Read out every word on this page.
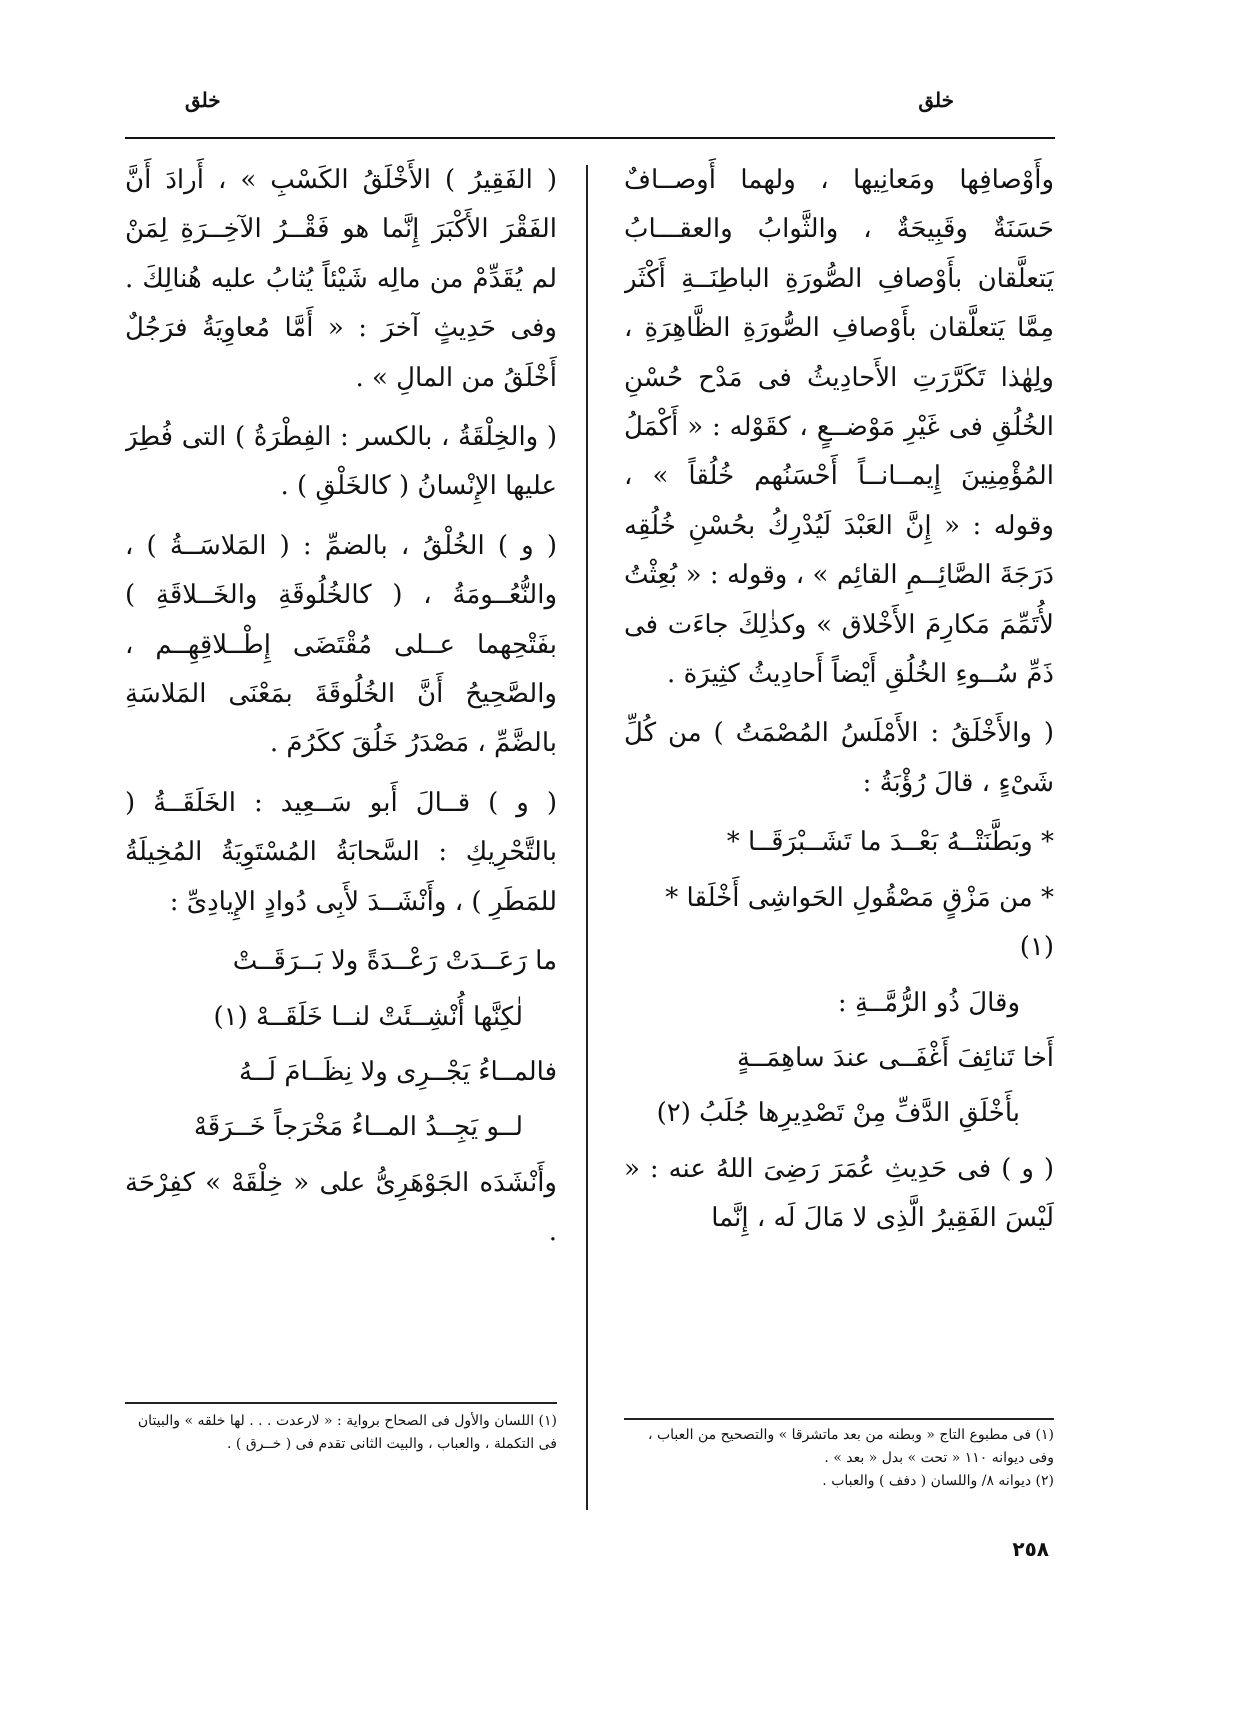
خلق
خلق

وأَوْصافِها ومَعانِيها ، ولهما أَوصــافٌ حَسَنَةٌ وقَبِيحَةٌ ، والثَّوابُ والعقـــابُ يَتعلَّقان بأَوْصافِ الصُّورَةِ الباطِنَــةِ أَكْثَر مِمَّا يَتعلَّقان بأَوْصافِ الصُّورَةِ الظَّاهِرَةِ ، ولِهٰذا تَكَرَّرَتِ الأَحادِيثُ فى مَدْح حُسْنِ الخُلُقِ فى غَيْرِ مَوْضــعٍ ، كقَوْله : « أَكْمَلُ المُؤْمِنِينَ إِيمــانــاً أَحْسَنُهم خُلُقاً » ، وقوله : « إِنَّ العَبْدَ لَيُدْرِكُ بحُسْنِ خُلُقِه دَرَجَةَ الصَّائِــمِ القائِم » ، وقوله : « بُعِثْتُ لأُتَمِّمَ مَكارِمَ الأَخْلاق » وكذٰلِكَ جاءَت فى ذَمِّ سُــوءِ الخُلُقِ أَيْضاً أَحادِيثُ كثِيرَة .

( والأَخْلَقُ : الأَمْلَسُ المُصْمَتُ ) من كُلِّ شَىْءٍ ، قالَ رُؤْبَةُ :

* وبَطَّنَتْــهُ بَعْــدَ ما تَشَــبْرَقَــا *

* من مَزْقٍ مَصْقُولِ الحَواشِى أَخْلَقا * (١)

وقالَ ذُو الرُّمَّــةِ :

أَخا تَنائِفَ أَغْفَــى عندَ ساهِمَــةٍ

بأَخْلَقِ الدَّفِّ مِنْ تَصْدِيرِها جُلَبُ (٢)

( و ) فى حَدِيثِ عُمَرَ رَضِىَ اللهُ عنه : « لَيْسَ الفَقِيرُ الَّذِى لا مَالَ لَه ، إِنَّما

( الفَقِيرُ ) الأَخْلَقُ الكَسْبِ » ، أَرادَ أَنَّ الفَقْرَ الأَكْبَرَ إِنَّما هو فَقْــرُ الآخِــرَةِ لِمَنْ لم يُقَدِّمْ من مالِه شَيْئاً يُثابُ عليه هُنالِكَ . وفى حَدِيثٍ آخرَ : « أَمَّا مُعاوِيَةُ فرَجُلٌ أَخْلَقُ من المالِ » .

( والخِلْقَةُ ، بالكسر : الفِطْرَةُ ) التى فُطِرَ عليها الإِنْسانُ ( كالخَلْقِ ) .

( و ) الخُلْقُ ، بالضمِّ : ( المَلاسَــةُ ) ، والنُّعُــومَةُ ، ( كالخُلُوقَةِ والخَــلاقَةِ ) بفَتْحِهما عــلى مُقْتَضَى إِطْــلاقِهِــم ، والصَّحِيحُ أَنَّ الخُلُوقَةَ بمَعْنَى المَلاسَةِ بالضَّمِّ ، مَصْدَرُ خَلُقَ ككَرُمَ .

( و ) قــالَ أَبو سَــعِيد : الخَلَقَــةُ ( بالتَّحْرِيكِ : السَّحابَةُ المُسْتَوِيَةُ المُخِيلَةُ للمَطَرِ ) ، وأَنْشَــدَ لأَبِى دُوادٍ الإِيادِىِّ :

ما رَعَــدَتْ رَعْــدَةً ولا بَــرَقَــتْ

لٰكِنَّها أُنْشِــئَتْ لنــا خَلَقَــهْ (١)

فالمــاءُ يَجْــرِى ولا نِظَــامَ لَــهُ

لــو يَجِــدُ المــاءُ مَخْرَجاً خَــرَقَهْ

وأَنْشَدَه الجَوْهَرِىُّ على « خِلْقَهْ » كفِرْحَة .

(١) فى مطبوع التاج « وبطنه من بعد ماتشرقا » والتصحيح من العباب ، وفى ديوانه ١١٠ « تحت » بدل « بعد » .

(٢) ديوانه ٨/ واللسان ( دفف ) والعباب .

(١) اللسان والأول فى الصحاح برواية : « لارعدت . . . لها خلقه » والبيتان فى التكملة ، والعباب ، والبيت الثانى تقدم فى ( خــرق ) .

٢٥٨
